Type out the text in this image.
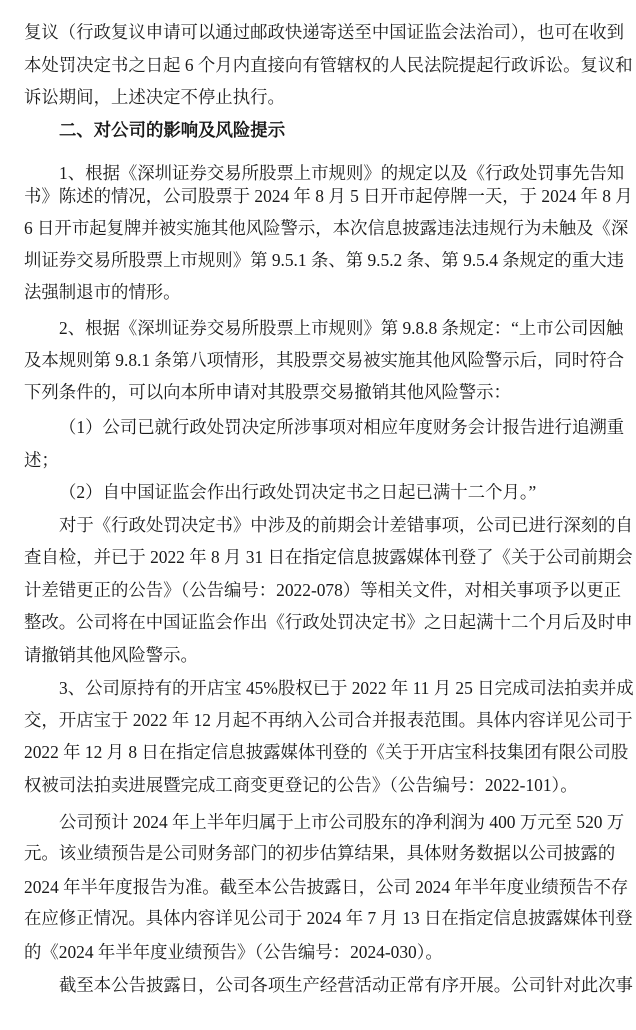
复议（行政复议申请可以通过邮政快递寄送至中国证监会法治司），也可在收到
本处罚决定书之日起 6 个月内直接向有管辖权的人民法院提起行政诉讼。复议和
诉讼期间，上述决定不停止执行。
二、对公司的影响及风险提示
1、根据《深圳证券交易所股票上市规则》的规定以及《行政处罚事先告知
书》陈述的情况，公司股票于 2024 年 8 月 5 日开市起停牌一天，于 2024 年 8 月
6 日开市起复牌并被实施其他风险警示，本次信息披露违法违规行为未触及《深
圳证券交易所股票上市规则》第 9.5.1 条、第 9.5.2 条、第 9.5.4 条规定的重大违
法强制退市的情形。
2、根据《深圳证券交易所股票上市规则》第 9.8.8 条规定：“上市公司因触
及本规则第 9.8.1 条第八项情形，其股票交易被实施其他风险警示后，同时符合
下列条件的，可以向本所申请对其股票交易撤销其他风险警示：
（1）公司已就行政处罚决定所涉事项对相应年度财务会计报告进行追溯重
述；
（2）自中国证监会作出行政处罚决定书之日起已满十二个月。”
对于《行政处罚决定书》中涉及的前期会计差错事项，公司已进行深刻的自
查自检，并已于 2022 年 8 月 31 日在指定信息披露媒体刊登了《关于公司前期会
计差错更正的公告》（公告编号：2022-078）等相关文件，对相关事项予以更正
整改。公司将在中国证监会作出《行政处罚决定书》之日起满十二个月后及时申
请撤销其他风险警示。
3、公司原持有的开店宝 45%股权已于 2022 年 11 月 25 日完成司法拍卖并成
交，开店宝于 2022 年 12 月起不再纳入公司合并报表范围。具体内容详见公司于
2022 年 12 月 8 日在指定信息披露媒体刊登的《关于开店宝科技集团有限公司股
权被司法拍卖进展暨完成工商变更登记的公告》（公告编号：2022-101）。
公司预计 2024 年上半年归属于上市公司股东的净利润为 400 万元至 520 万
元。该业绩预告是公司财务部门的初步估算结果，具体财务数据以公司披露的
2024 年半年度报告为准。截至本公告披露日，公司 2024 年半年度业绩预告不存
在应修正情况。具体内容详见公司于 2024 年 7 月 13 日在指定信息披露媒体刊登
的《2024 年半年度业绩预告》（公告编号：2024-030）。
截至本公告披露日，公司各项生产经营活动正常有序开展。公司针对此次事
